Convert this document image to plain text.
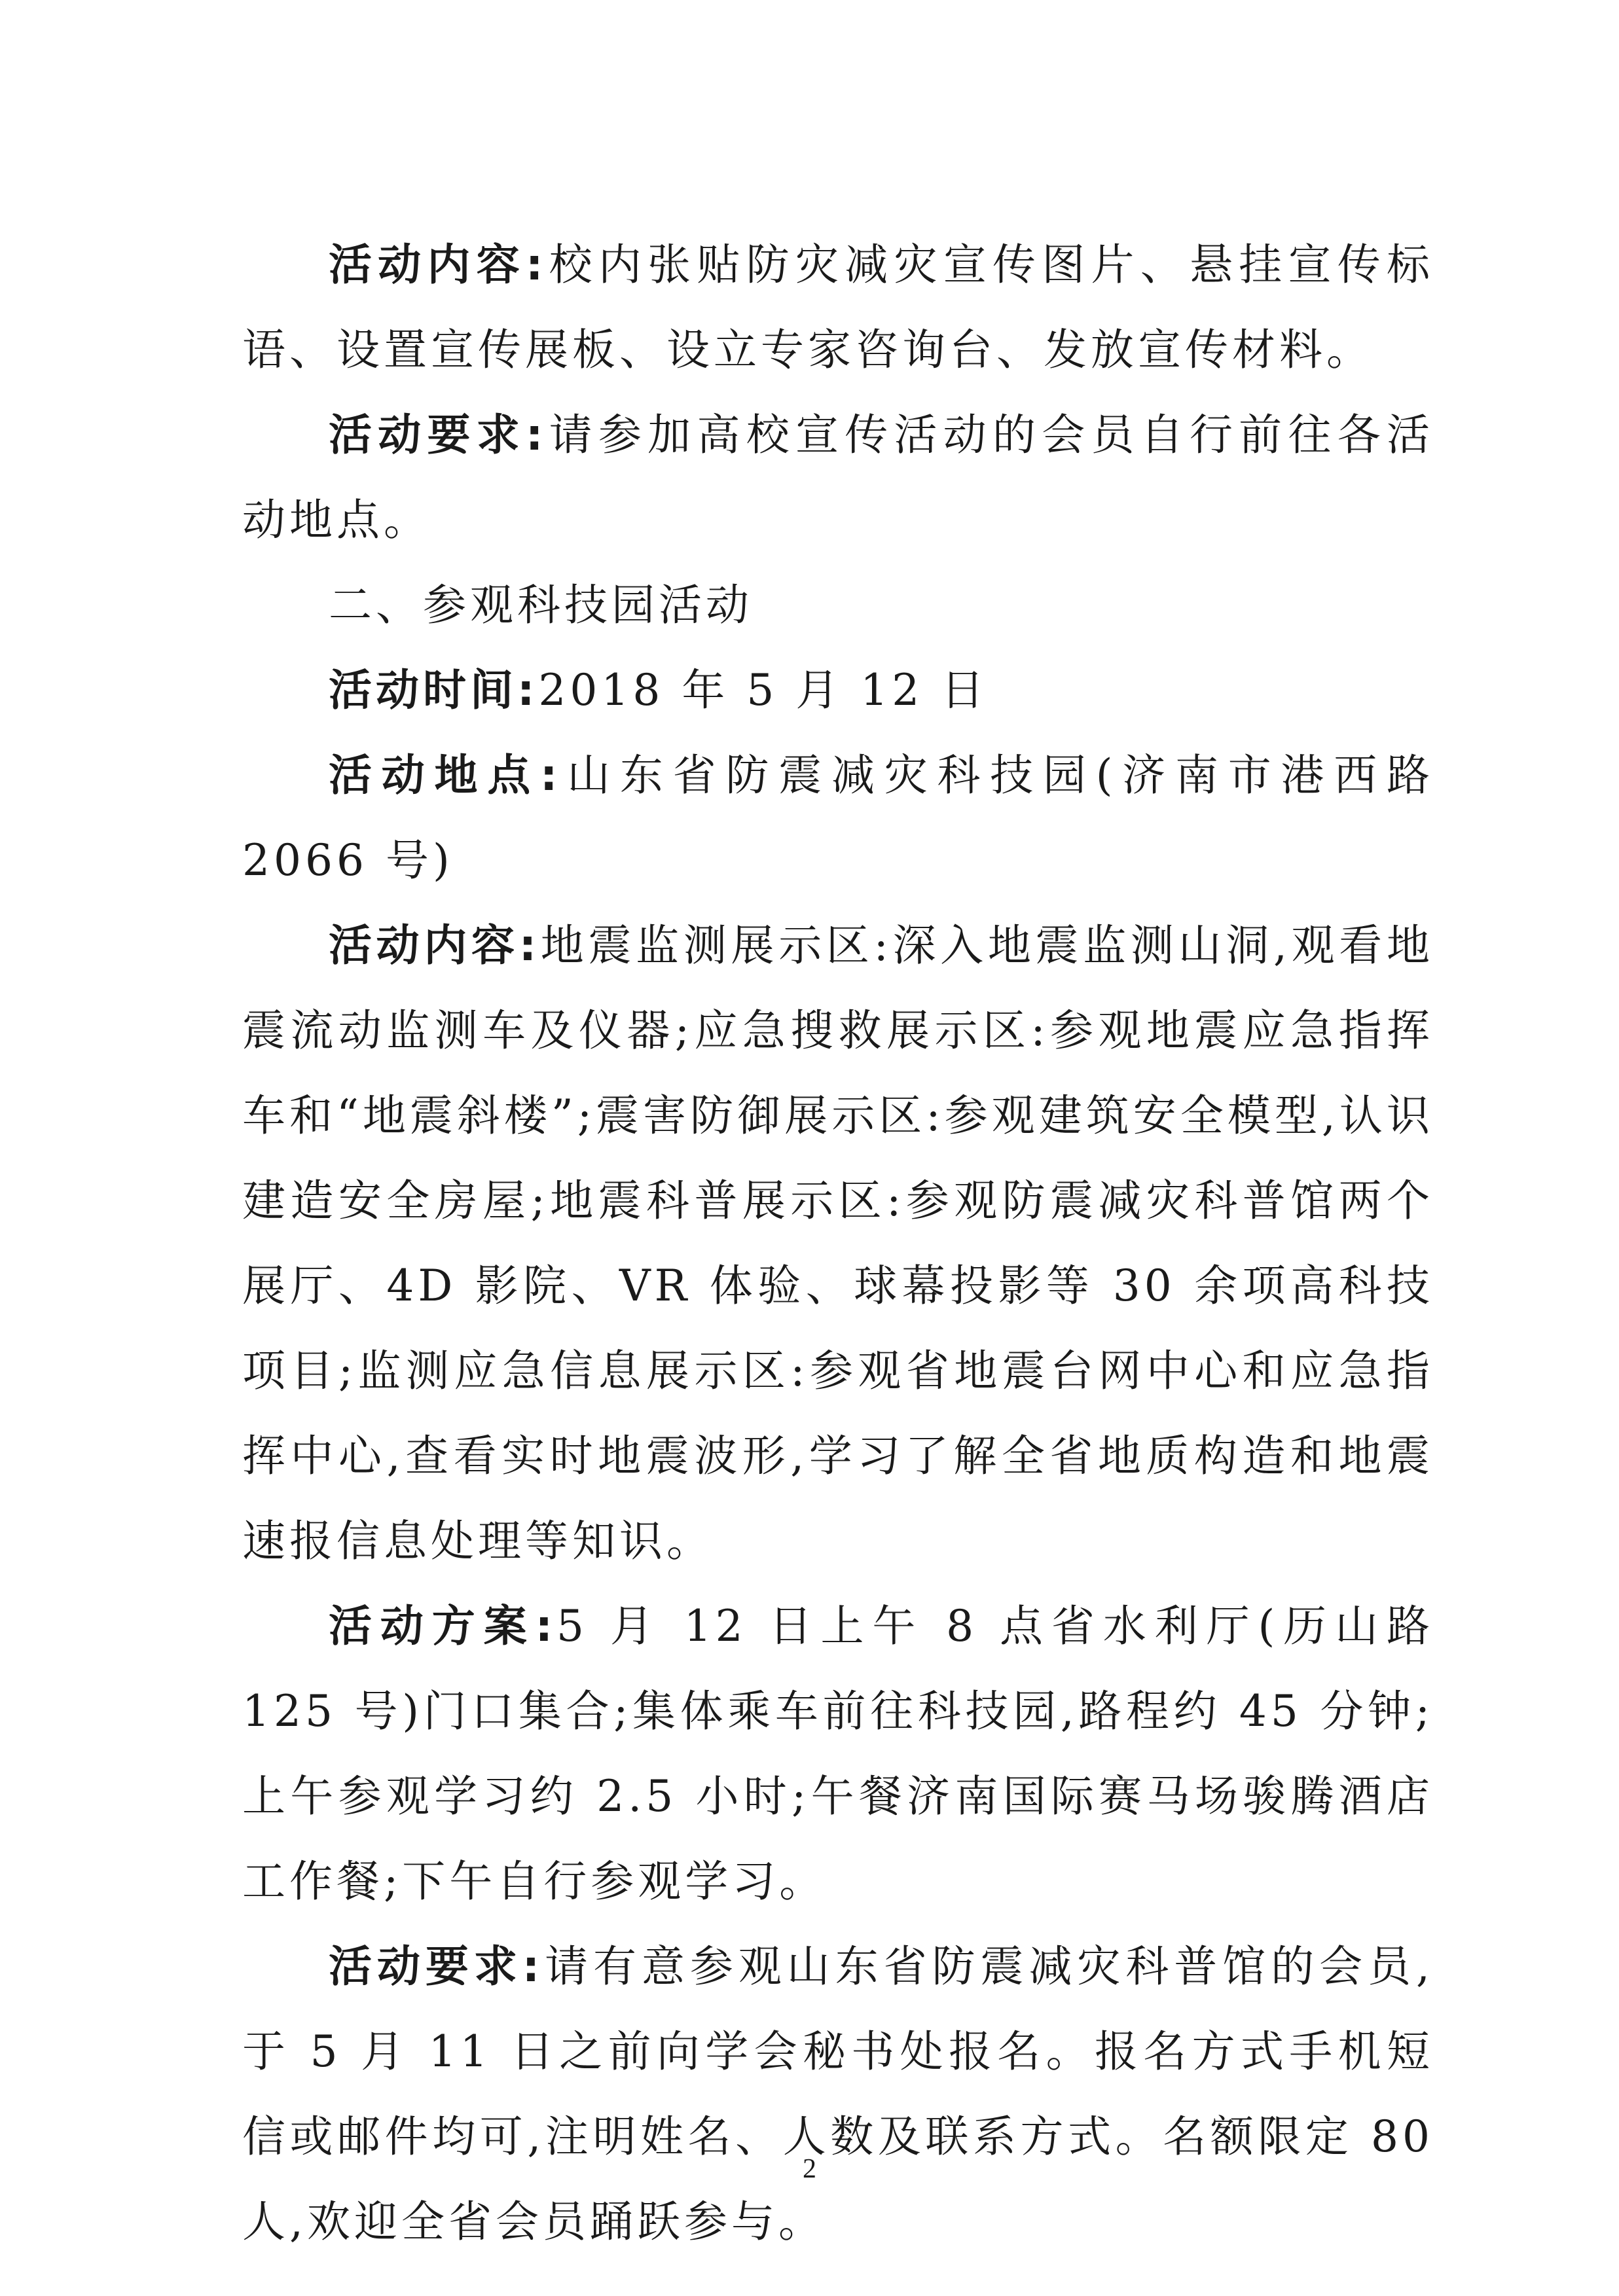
活动内容:校内张贴防灾减灾宣传图片、悬挂宣传标语、设置宣传展板、设立专家咨询台、发放宣传材料。

活动要求:请参加高校宣传活动的会员自行前往各活动地点。

二、参观科技园活动

活动时间:2018 年 5 月 12 日

活动地点:山东省防震减灾科技园(济南市港西路 2066 号)

活动内容:地震监测展示区:深入地震监测山洞,观看地震流动监测车及仪器;应急搜救展示区:参观地震应急指挥车和“地震斜楼”;震害防御展示区:参观建筑安全模型,认识建造安全房屋;地震科普展示区:参观防震减灾科普馆两个展厅、4D 影院、VR 体验、球幕投影等 30 余项高科技项目;监测应急信息展示区:参观省地震台网中心和应急指挥中心,查看实时地震波形,学习了解全省地质构造和地震速报信息处理等知识。

活动方案:5 月 12 日上午 8 点省水利厅(历山路 125 号)门口集合;集体乘车前往科技园,路程约 45 分钟;上午参观学习约 2.5 小时;午餐济南国际赛马场骏腾酒店工作餐;下午自行参观学习。

活动要求:请有意参观山东省防震减灾科普馆的会员,于 5 月 11 日之前向学会秘书处报名。报名方式手机短信或邮件均可,注明姓名、人数及联系方式。名额限定 80 人,欢迎全省会员踊跃参与。

2
